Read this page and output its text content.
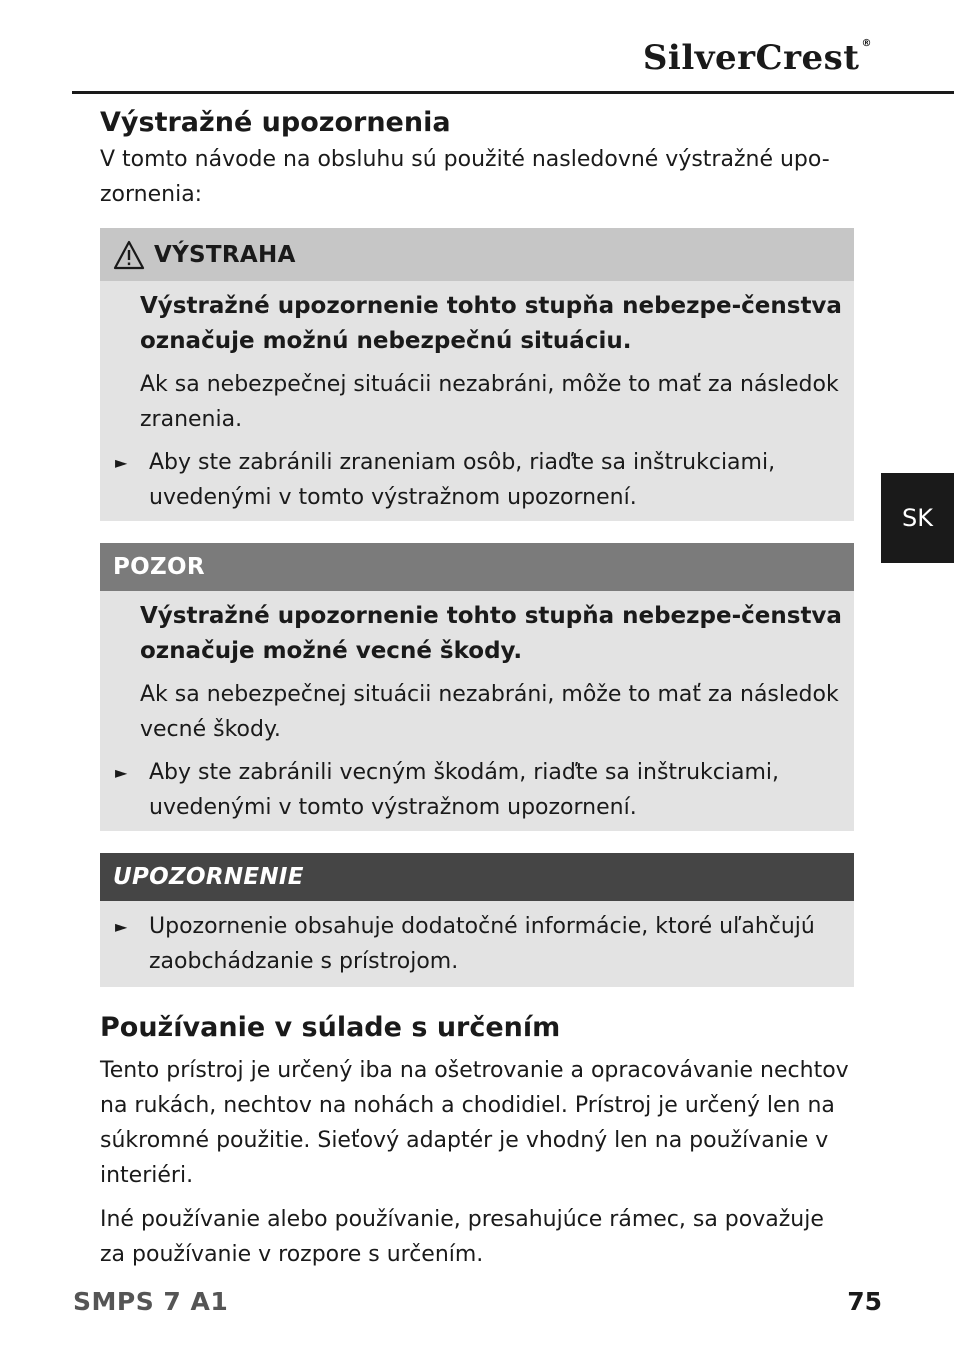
SilverCrest ®
SK
Výstražné upozornenia

V tomto návode na obsluhu sú použité nasledovné výstražné upo-zornenia:

VÝSTRAHA

Výstražné upozornenie tohto stupňa nebezpe-čenstva označuje možnú nebezpečnú situáciu.

Ak sa nebezpečnej situácii nezabráni, môže to mať za následok zranenia.

► Aby ste zabránili zraneniam osôb, riaďte sa inštrukciami, uvedenými v tomto výstražnom upozornení.
POZOR

Výstražné upozornenie tohto stupňa nebezpe-čenstva označuje možné vecné škody.

Ak sa nebezpečnej situácii nezabráni, môže to mať za následok vecné škody.

► Aby ste zabránili vecným škodám, riaďte sa inštrukciami, uvedenými v tomto výstražnom upozornení.
UPOZORNENIE
► Upozornenie obsahuje dodatočné informácie, ktoré uľahčujú zaobchádzanie s prístrojom.
Používanie v súlade s určením

Tento prístroj je určený iba na ošetrovanie a opracovávanie nechtov na rukách, nechtov na nohách a chodidiel. Prístroj je určený len na súkromné použitie. Sieťový adaptér je vhodný len na používanie v interiéri.

Iné používanie alebo používanie, presahujúce rámec, sa považuje za používanie v rozpore s určením.

SMPS 7 A1	75
